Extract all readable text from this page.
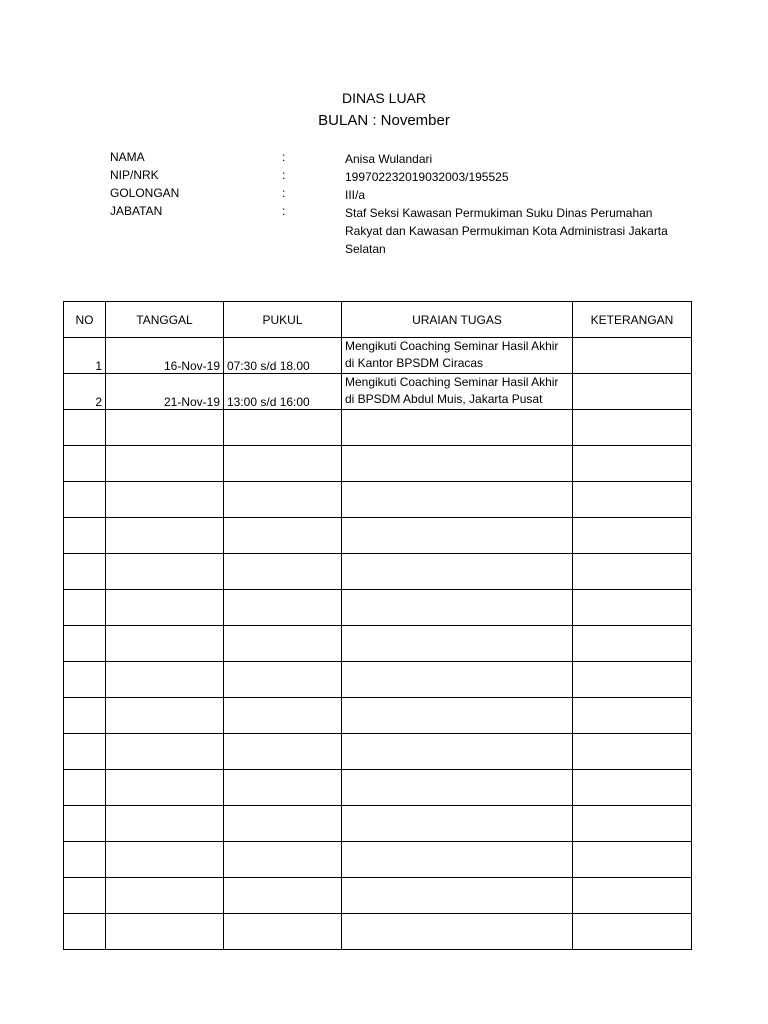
DINAS LUAR
BULAN : November
NAMA	:	Anisa Wulandari
NIP/NRK	:	199702232019032003/195525
GOLONGAN	:	III/a
JABATAN	:	Staf Seksi Kawasan Permukiman Suku Dinas Perumahan Rakyat dan Kawasan Permukiman Kota Administrasi Jakarta Selatan
NO	TANGGAL	PUKUL	URAIAN TUGAS	KETERANGAN
1	16-Nov-19	07:30 s/d 18.00	Mengikuti Coaching Seminar Hasil Akhir di Kantor BPSDM Ciracas	
2	21-Nov-19	13:00 s/d 16:00	Mengikuti Coaching Seminar Hasil Akhir di BPSDM Abdul Muis, Jakarta Pusat	
